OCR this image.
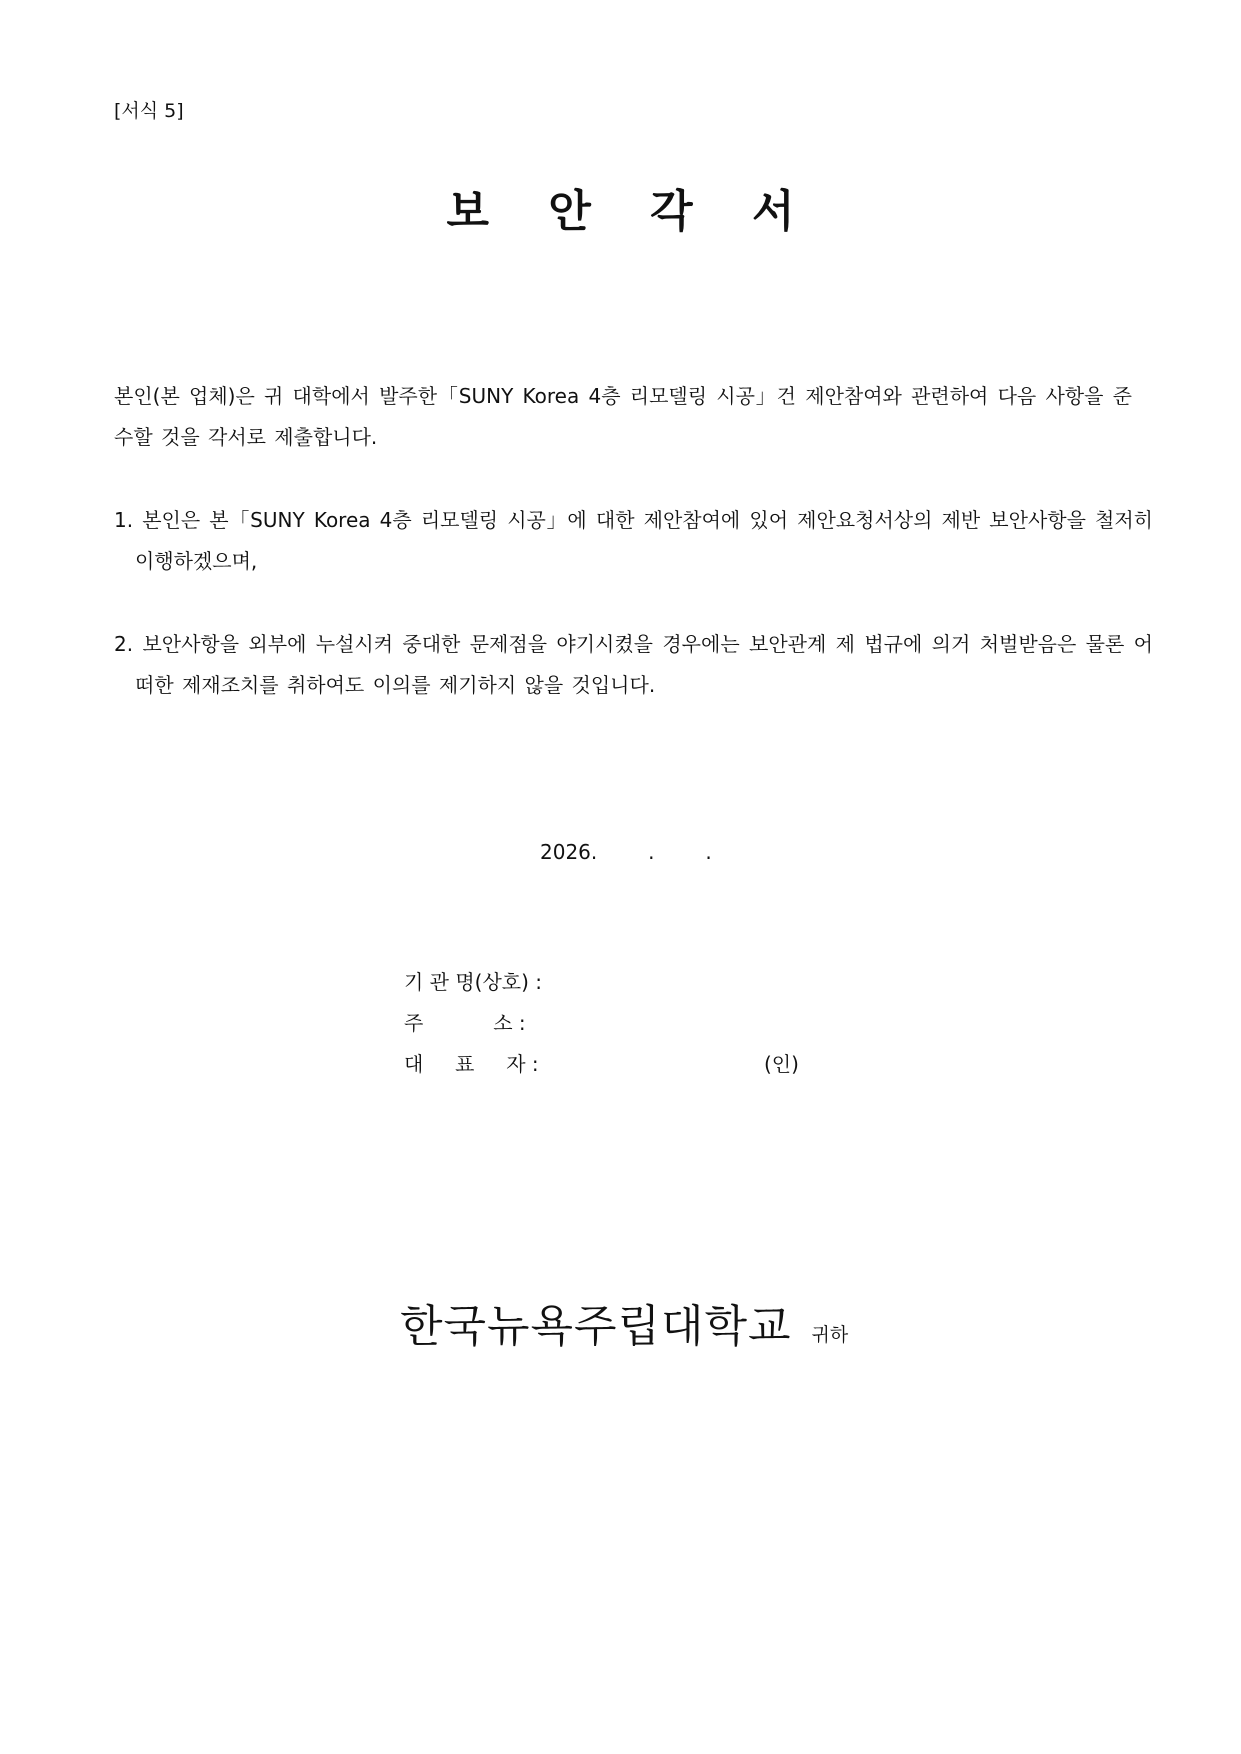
[서식 5]
보 안 각 서
본인(본 업체)은 귀 대학에서 발주한「SUNY Korea 4층 리모델링 시공」건 제안참여와 관련하여 다음 사항을 준수할 것을 각서로 제출합니다.
1. 본인은 본「SUNY Korea 4층 리모델링 시공」에 대한 제안참여에 있어 제안요청서상의 제반 보안사항을 철저히 이행하겠으며,
2. 보안사항을 외부에 누설시켜 중대한 문제점을 야기시켰을 경우에는 보안관계 제 법규에 의거 처벌받음은 물론 어떠한 제재조치를 취하여도 이의를 제기하지 않을 것입니다.
2026.        .        .
기 관 명(상호) :
주           소 :
대     표     자 :	(인)
한국뉴욕주립대학교 귀하
